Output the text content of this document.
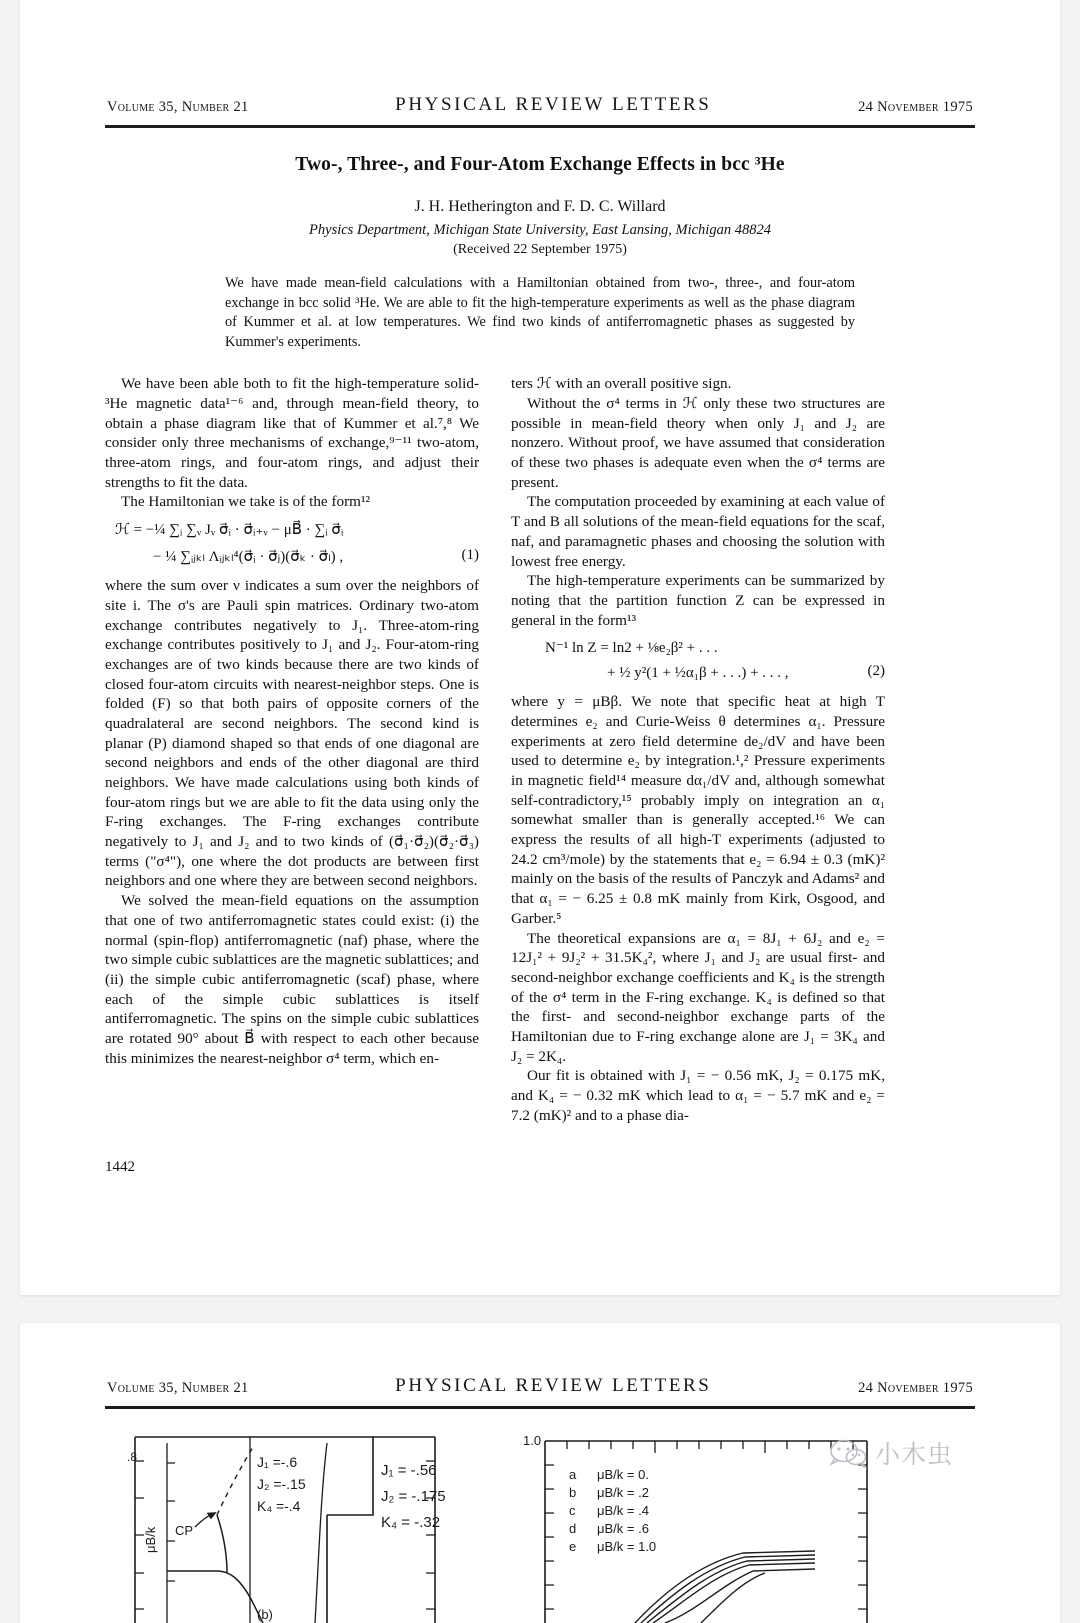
Volume 35, Number 21	PHYSICAL REVIEW LETTERS	24 November 1975
Two-, Three-, and Four-Atom Exchange Effects in bcc ³He
J. H. Hetherington and F. D. C. Willard
Physics Department, Michigan State University, East Lansing, Michigan 48824
(Received 22 September 1975)
We have made mean-field calculations with a Hamiltonian obtained from two-, three-, and four-atom exchange in bcc solid ³He. We are able to fit the high-temperature experiments as well as the phase diagram of Kummer et al. at low temperatures. We find two kinds of antiferromagnetic phases as suggested by Kummer's experiments.

We have been able both to fit the high-temperature solid-³He magnetic data¹⁻⁶ and, through mean-field theory, to obtain a phase diagram like that of Kummer et al.⁷,⁸ We consider only three mechanisms of exchange,⁹⁻¹¹ two-atom, three-atom rings, and four-atom rings, and adjust their strengths to fit the data.

The Hamiltonian we take is of the form¹²

ℋ = −¼ ∑ᵢ ∑ᵥ Jᵥ σ⃗ᵢ · σ⃗ᵢ₊ᵥ − μB⃗ · ∑ᵢ σ⃗ᵢ
− ¼ ∑ᵢⱼₖₗ Λᵢⱼₖₗ⁴(σ⃗ᵢ · σ⃗ⱼ)(σ⃗ₖ · σ⃗ₗ) ,	(1)

where the sum over ν indicates a sum over the neighbors of site i. The σ's are Pauli spin matrices. Ordinary two-atom exchange contributes negatively to J₁. Three-atom-ring exchange contributes positively to J₁ and J₂. Four-atom-ring exchanges are of two kinds because there are two kinds of closed four-atom circuits with nearest-neighbor steps. One is folded (F) so that both pairs of opposite corners of the quadralateral are second neighbors. The second kind is planar (P) diamond shaped so that ends of one diagonal are second neighbors and ends of the other diagonal are third neighbors. We have made calculations using both kinds of four-atom rings but we are able to fit the data using only the F-ring exchanges. The F-ring exchanges contribute negatively to J₁ and J₂ and to two kinds of (σ⃗₁·σ⃗₂)(σ⃗₂·σ⃗₃) terms ("σ⁴"), one where the dot products are between first neighbors and one where they are between second neighbors.

We solved the mean-field equations on the assumption that one of two antiferromagnetic states could exist: (i) the normal (spin-flop) antiferromagnetic (naf) phase, where the two simple cubic sublattices are the magnetic sublattices; and (ii) the simple cubic antiferromagnetic (scaf) phase, where each of the simple cubic sublattices is itself antiferromagnetic. The spins on the simple cubic sublattices are rotated 90° about B⃗ with respect to each other because this minimizes the nearest-neighbor σ⁴ term, which en-

ters ℋ with an overall positive sign.

Without the σ⁴ terms in ℋ only these two structures are possible in mean-field theory when only J₁ and J₂ are nonzero. Without proof, we have assumed that consideration of these two phases is adequate even when the σ⁴ terms are present.

The computation proceeded by examining at each value of T and B all solutions of the mean-field equations for the scaf, naf, and paramagnetic phases and choosing the solution with lowest free energy.

The high-temperature experiments can be summarized by noting that the partition function Z can be expressed in general in the form¹³

N⁻¹ ln Z = ln2 + ⅛e₂β² + . . .
+ ½ y²(1 + ½α₁β + . . .) + . . . ,	(2)

where y = μBβ. We note that specific heat at high T determines e₂ and Curie-Weiss θ determines α₁. Pressure experiments at zero field determine de₂/dV and have been used to determine e₂ by integration.¹,² Pressure experiments in magnetic field¹⁴ measure dα₁/dV and, although somewhat self-contradictory,¹⁵ probably imply on integration an α₁ somewhat smaller than is generally accepted.¹⁶ We can express the results of all high-T experiments (adjusted to 24.2 cm³/mole) by the statements that e₂ = 6.94 ± 0.3 (mK)² mainly on the basis of the results of Panczyk and Adams² and that α₁ = − 6.25 ± 0.8 mK mainly from Kirk, Osgood, and Garber.⁵

The theoretical expansions are α₁ = 8J₁ + 6J₂ and e₂ = 12J₁² + 9J₂² + 31.5K₄², where J₁ and J₂ are usual first- and second-neighbor exchange coefficients and K₄ is the strength of the σ⁴ term in the F-ring exchange. K₄ is defined so that the first- and second-neighbor exchange parts of the Hamiltonian due to F-ring exchange alone are J₁ = 3K₄ and J₂ = 2K₄.

Our fit is obtained with J₁ = − 0.56 mK, J₂ = 0.175 mK, and K₄ = − 0.32 mK which lead to α₁ = − 5.7 mK and e₂ = 7.2 (mK)² and to a phase dia-

1442
Volume 35, Number 21	PHYSICAL REVIEW LETTERS	24 November 1975
.8
μB/k CP
(b)
J₁ =-.6
J₂ =-.15
K₄ =-.4
J₁ = -.56
J₂ = -.175
K₄ = -.32
1.0
a μB/k = 0.
b μB/k = .2
c μB/k = .4
d μB/k = .6
e μB/k = 1.0
小木虫
